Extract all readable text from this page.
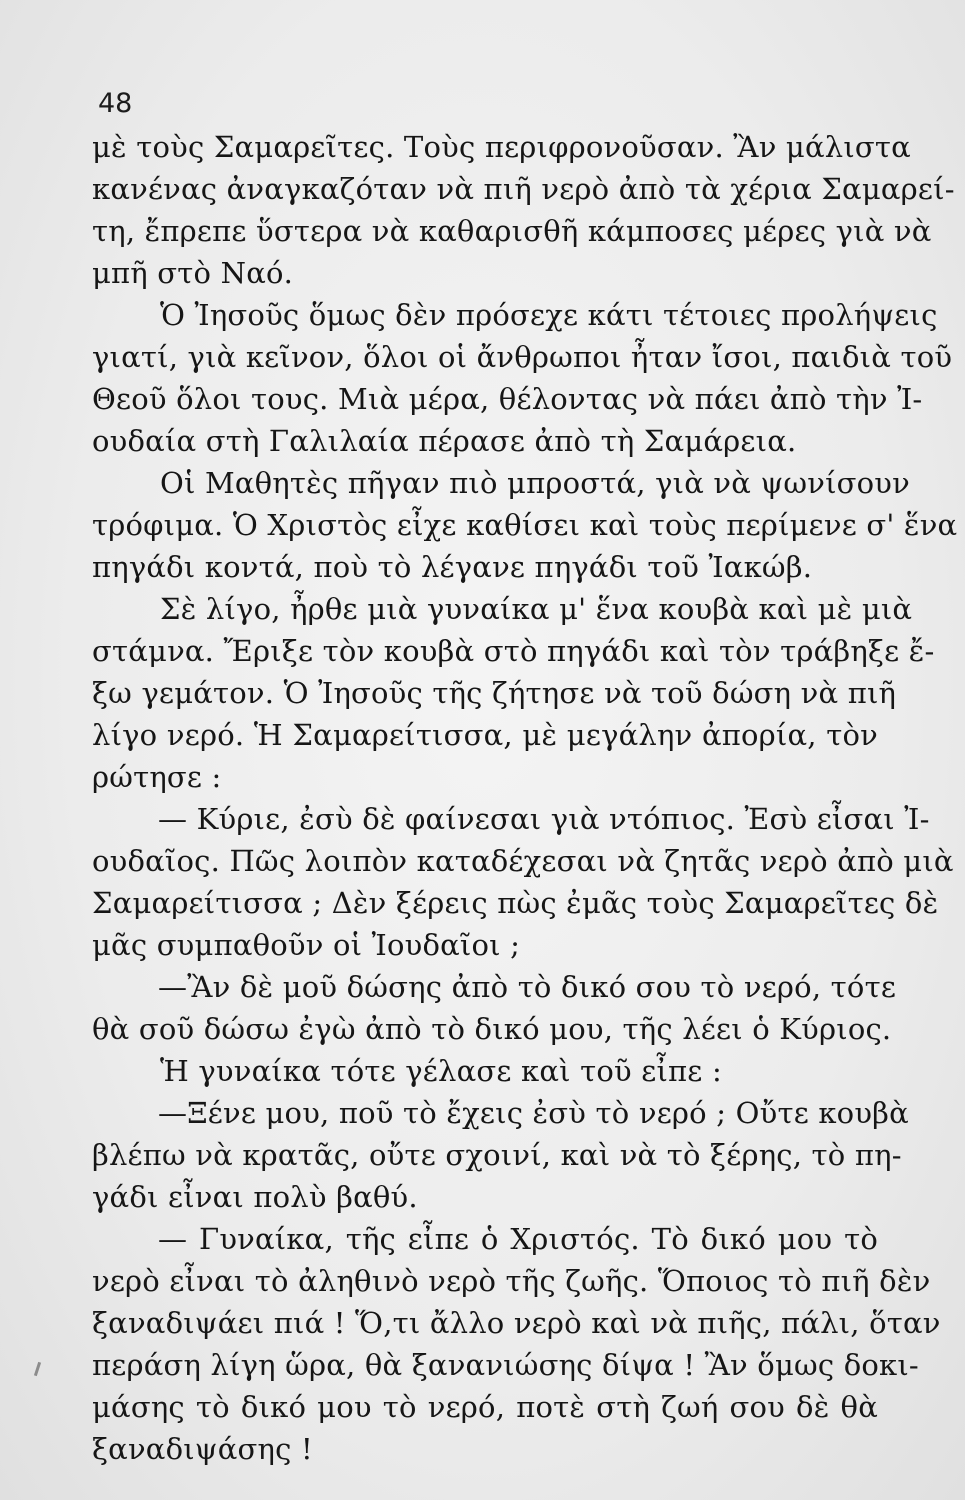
48
μὲ τοὺς Σαμαρεῖτες. Τοὺς περιφρονοῦσαν. Ἂν μάλιστα
κανένας ἀναγκαζόταν νὰ πιῆ νερὸ ἀπὸ τὰ χέρια Σαμαρεί-
τη, ἔπρεπε ὕστερα νὰ καθαρισθῆ κάμποσες μέρες γιὰ νὰ
μπῆ στὸ Ναό.
Ὁ Ἰησοῦς ὅμως δὲν πρόσεχε κάτι τέτοιες προλήψεις
γιατί, γιὰ κεῖνον, ὅλοι οἱ ἄνθρωποι ἦταν ἴσοι, παιδιὰ τοῦ
Θεοῦ ὅλοι τους. Μιὰ μέρα, θέλοντας νὰ πάει ἀπὸ τὴν Ἰ-
ουδαία στὴ Γαλιλαία πέρασε ἀπὸ τὴ Σαμάρεια.
Οἱ Μαθητὲς πῆγαν πιὸ μπροστά, γιὰ νὰ ψωνίσουν
τρόφιμα. Ὁ Χριστὸς εἶχε καθίσει καὶ τοὺς περίμενε σ' ἕνα
πηγάδι κοντά, ποὺ τὸ λέγανε πηγάδι τοῦ Ἰακώβ.
Σὲ λίγο, ἦρθε μιὰ γυναίκα μ' ἕνα κουβὰ καὶ μὲ μιὰ
στάμνα. Ἔριξε τὸν κουβὰ στὸ πηγάδι καὶ τὸν τράβηξε ἔ-
ξω γεμάτον. Ὁ Ἰησοῦς τῆς ζήτησε νὰ τοῦ δώση νὰ πιῆ
λίγο νερό. Ἡ Σαμαρείτισσα, μὲ μεγάλην ἀπορία, τὸν
ρώτησε :
— Κύριε, ἐσὺ δὲ φαίνεσαι γιὰ ντόπιος. Ἐσὺ εἶσαι Ἰ-
ουδαῖος. Πῶς λοιπὸν καταδέχεσαι νὰ ζητᾶς νερὸ ἀπὸ μιὰ
Σαμαρείτισσα ; Δὲν ξέρεις πὼς ἐμᾶς τοὺς Σαμαρεῖτες δὲ
μᾶς συμπαθοῦν οἱ Ἰουδαῖοι ;
—Ἂν δὲ μοῦ δώσης ἀπὸ τὸ δικό σου τὸ νερό, τότε
θὰ σοῦ δώσω ἐγὼ ἀπὸ τὸ δικό μου, τῆς λέει ὁ Κύριος.
Ἡ γυναίκα τότε γέλασε καὶ τοῦ εἶπε :
—Ξένε μου, ποῦ τὸ ἔχεις ἐσὺ τὸ νερό ; Οὔτε κουβὰ
βλέπω νὰ κρατᾶς, οὔτε σχοινί, καὶ νὰ τὸ ξέρης, τὸ πη-
γάδι εἶναι πολὺ βαθύ.
— Γυναίκα, τῆς εἶπε ὁ Χριστός. Τὸ δικό μου τὸ
νερὸ εἶναι τὸ ἀληθινὸ νερὸ τῆς ζωῆς. Ὅποιος τὸ πιῆ δὲν
ξαναδιψάει πιά ! Ὅ,τι ἄλλο νερὸ καὶ νὰ πιῆς, πάλι, ὅταν
περάση λίγη ὥρα, θὰ ξανανιώσης δίψα ! Ἂν ὅμως δοκι-
μάσης τὸ δικό μου τὸ νερό, ποτὲ στὴ ζωή σου δὲ θὰ
ξαναδιψάσης !
